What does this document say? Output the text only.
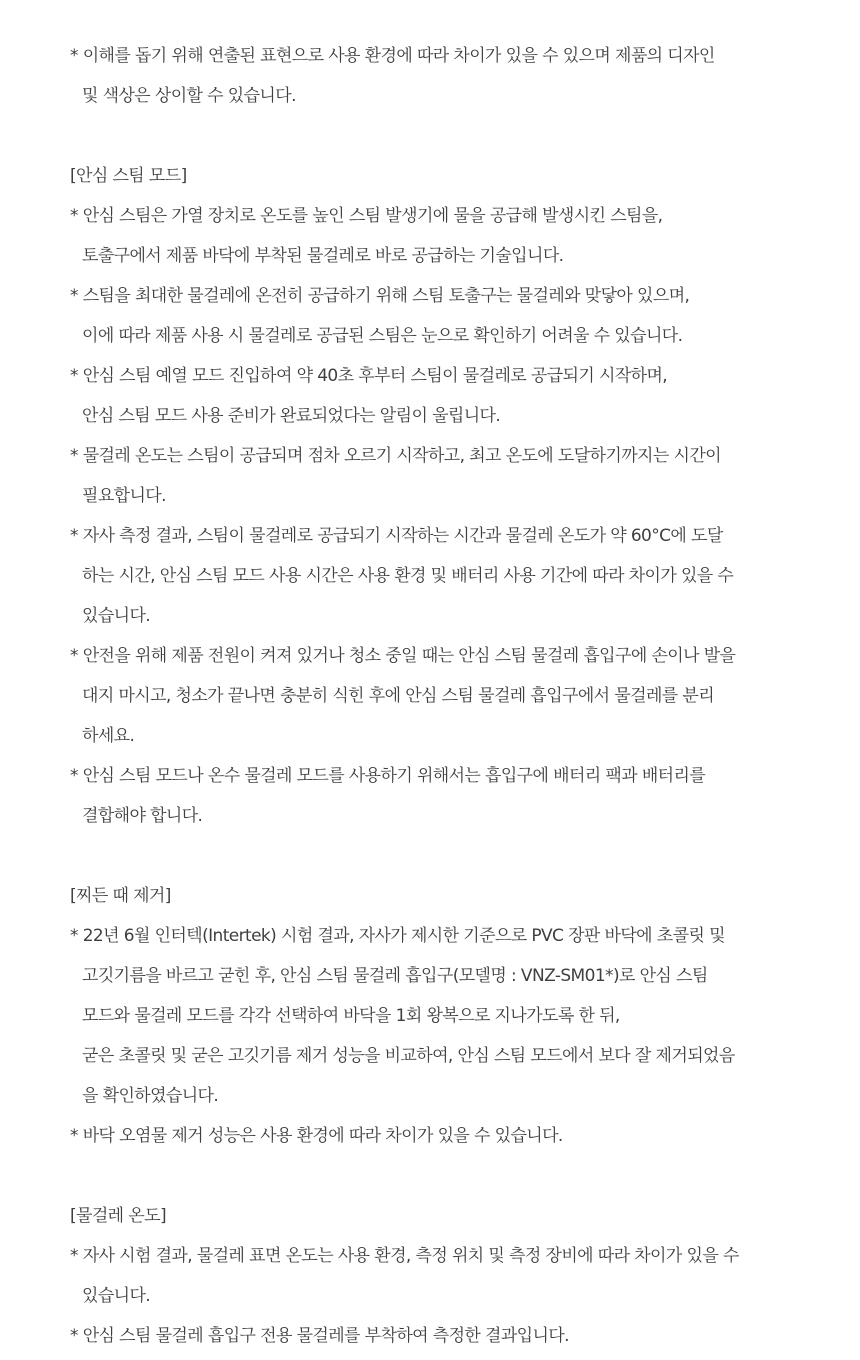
* 이해를 돕기 위해 연출된 표현으로 사용 환경에 따라 차이가 있을 수 있으며 제품의 디자인
및 색상은 상이할 수 있습니다.
[안심 스팀 모드]
* 안심 스팀은 가열 장치로 온도를 높인 스팀 발생기에 물을 공급해 발생시킨 스팀을,
토출구에서 제품 바닥에 부착된 물걸레로 바로 공급하는 기술입니다.
* 스팀을 최대한 물걸레에 온전히 공급하기 위해 스팀 토출구는 물걸레와 맞닿아 있으며,
이에 따라 제품 사용 시 물걸레로 공급된 스팀은 눈으로 확인하기 어려울 수 있습니다.
* 안심 스팀 예열 모드 진입하여 약 40초 후부터 스팀이 물걸레로 공급되기 시작하며,
안심 스팀 모드 사용 준비가 완료되었다는 알림이 울립니다.
* 물걸레 온도는 스팀이 공급되며 점차 오르기 시작하고, 최고 온도에 도달하기까지는 시간이
필요합니다.
* 자사 측정 결과, 스팀이 물걸레로 공급되기 시작하는 시간과 물걸레 온도가 약 60°C에 도달
하는 시간, 안심 스팀 모드 사용 시간은 사용 환경 및 배터리 사용 기간에 따라 차이가 있을 수
있습니다.
* 안전을 위해 제품 전원이 켜져 있거나 청소 중일 때는 안심 스팀 물걸레 흡입구에 손이나 발을
대지 마시고, 청소가 끝나면 충분히 식힌 후에 안심 스팀 물걸레 흡입구에서 물걸레를 분리
하세요.
* 안심 스팀 모드나 온수 물걸레 모드를 사용하기 위해서는 흡입구에 배터리 팩과 배터리를
결합해야 합니다.
[찌든 때 제거]
* 22년 6월 인터텍(Intertek) 시험 결과, 자사가 제시한 기준으로 PVC 장판 바닥에 초콜릿 및
고깃기름을 바르고 굳힌 후, 안심 스팀 물걸레 흡입구(모델명 : VNZ-SM01*)로 안심 스팀
모드와 물걸레 모드를 각각 선택하여 바닥을 1회 왕복으로 지나가도록 한 뒤,
굳은 초콜릿 및 굳은 고깃기름 제거 성능을 비교하여, 안심 스팀 모드에서 보다 잘 제거되었음
을 확인하였습니다.
* 바닥 오염물 제거 성능은 사용 환경에 따라 차이가 있을 수 있습니다.
[물걸레 온도]
* 자사 시험 결과, 물걸레 표면 온도는 사용 환경, 측정 위치 및 측정 장비에 따라 차이가 있을 수
있습니다.
* 안심 스팀 물걸레 흡입구 전용 물걸레를 부착하여 측정한 결과입니다.
